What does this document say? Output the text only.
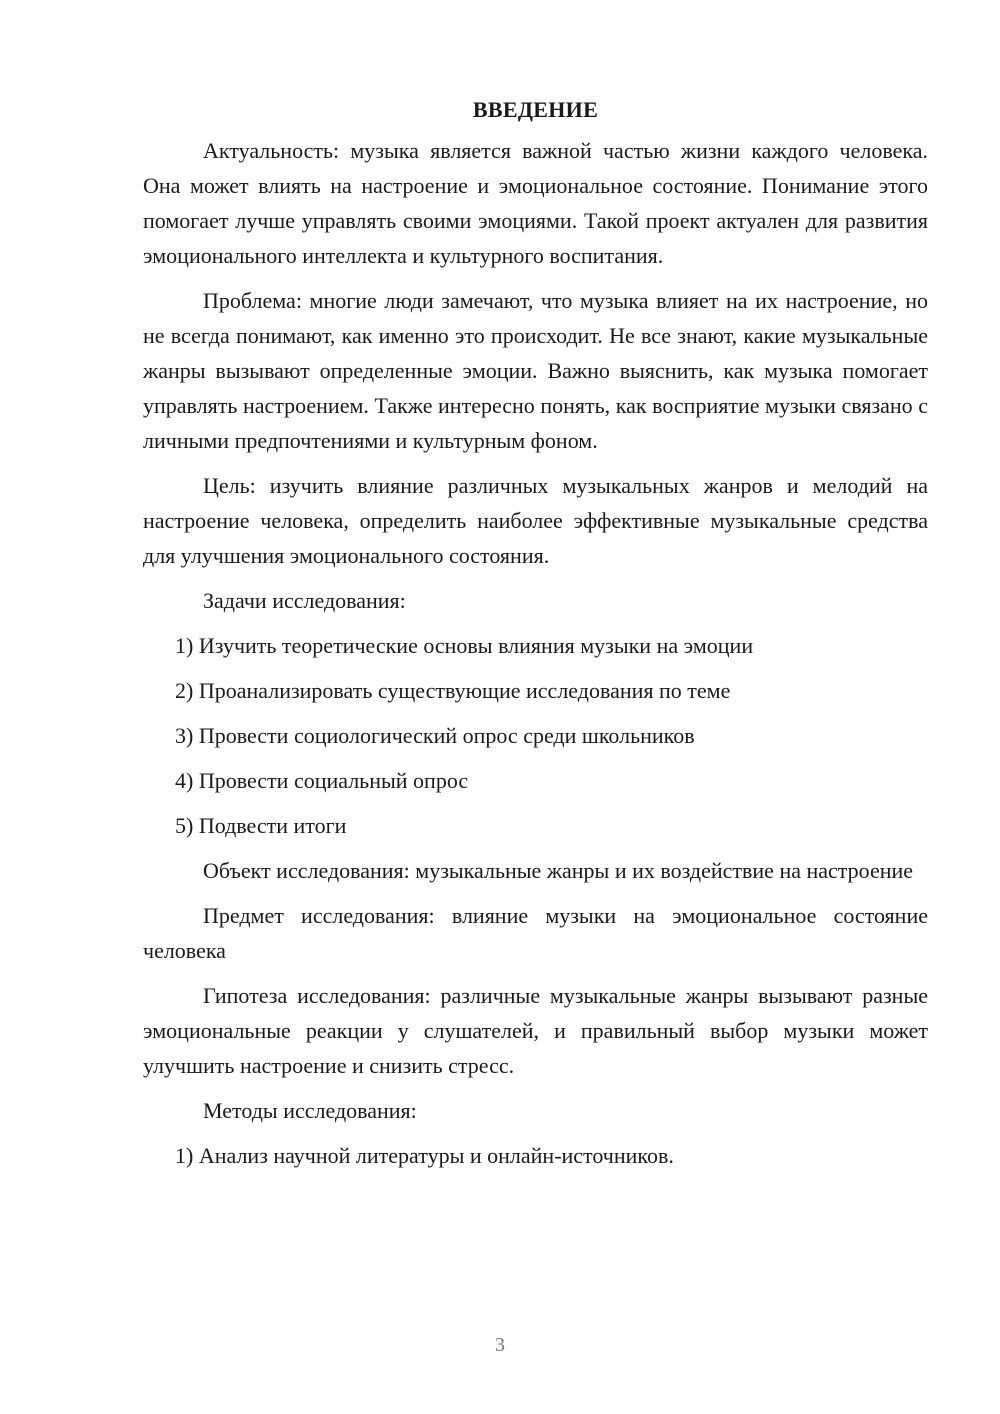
ВВЕДЕНИЕ

Актуальность: музыка является важной частью жизни каждого человека. Она может влиять на настроение и эмоциональное состояние. Понимание этого помогает лучше управлять своими эмоциями. Такой проект актуален для развития эмоционального интеллекта и культурного воспитания.

Проблема: многие люди замечают, что музыка влияет на их настроение, но не всегда понимают, как именно это происходит. Не все знают, какие музыкальные жанры вызывают определенные эмоции. Важно выяснить, как музыка помогает управлять настроением. Также интересно понять, как восприятие музыки связано с личными предпочтениями и культурным фоном.

Цель: изучить влияние различных музыкальных жанров и мелодий на настроение человека, определить наиболее эффективные музыкальные средства для улучшения эмоционального состояния.

Задачи исследования:

1) Изучить теоретические основы влияния музыки на эмоции
2) Проанализировать существующие исследования по теме
3) Провести социологический опрос среди школьников
4) Провести социальный опрос
5) Подвести итоги

Объект исследования: музыкальные жанры и их воздействие на настроение

Предмет исследования: влияние музыки на эмоциональное состояние человека

Гипотеза исследования: различные музыкальные жанры вызывают разные эмоциональные реакции у слушателей, и правильный выбор музыки может улучшить настроение и снизить стресс.

Методы исследования:

1) Анализ научной литературы и онлайн-источников.
3
